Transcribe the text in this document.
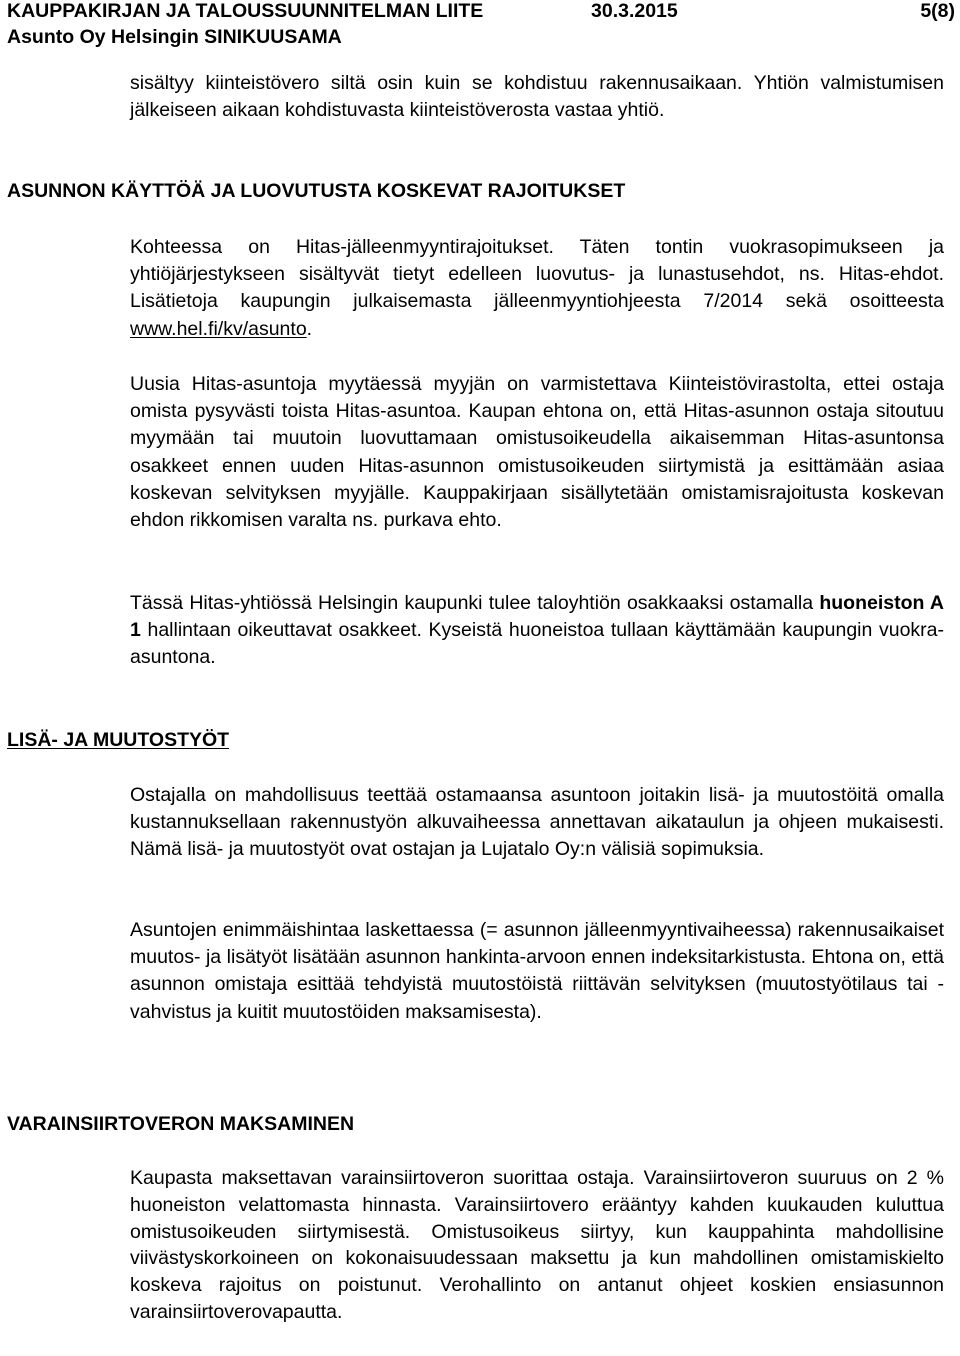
KAUPPAKIRJAN JA TALOUSSUUNNITELMAN LIITE	30.3.2015	5(8)
Asunto Oy Helsingin SINIKUUSAMA
sisältyy kiinteistövero siltä osin kuin se kohdistuu rakennusaikaan. Yhtiön valmistumisen jälkeiseen aikaan kohdistuvasta kiinteistöverosta vastaa yhtiö.
ASUNNON KÄYTTÖÄ JA LUOVUTUSTA KOSKEVAT RAJOITUKSET
Kohteessa on Hitas-jälleenmyyntirajoitukset. Täten tontin vuokrasopimukseen ja yhtiöjärjestykseen sisältyvät tietyt edelleen luovutus- ja lunastusehdot, ns. Hitas-ehdot. Lisätietoja kaupungin julkaisemasta jälleenmyyntiohjeesta 7/2014 sekä osoitteesta www.hel.fi/kv/asunto.
Uusia Hitas-asuntoja myytäessä myyjän on varmistettava Kiinteistövirastolta, ettei ostaja omista pysyvästi toista Hitas-asuntoa. Kaupan ehtona on, että Hitas-asunnon ostaja sitoutuu myymään tai muutoin luovuttamaan omistusoikeudella aikaisemman Hitas-asuntonsa osakkeet ennen uuden Hitas-asunnon omistusoikeuden siirtymistä ja esittämään asiaa koskevan selvityksen myyjälle. Kauppakirjaan sisällytetään omistamisrajoitusta koskevan ehdon rikkomisen varalta ns. purkava ehto.
Tässä Hitas-yhtiössä Helsingin kaupunki tulee taloyhtiön osakkaaksi ostamalla huoneiston A 1 hallintaan oikeuttavat osakkeet. Kyseistä huoneistoa tullaan käyttämään kaupungin vuokra-asuntona.
LISÄ- JA MUUTOSTYÖT
Ostajalla on mahdollisuus teettää ostamaansa asuntoon joitakin lisä- ja muutostöitä omalla kustannuksellaan rakennustyön alkuvaiheessa annettavan aikataulun ja ohjeen mukaisesti. Nämä lisä- ja muutostyöt ovat ostajan ja Lujatalo Oy:n välisiä sopimuksia.
Asuntojen enimmäishintaa laskettaessa (= asunnon jälleenmyyntivaiheessa) rakennusaikaiset muutos- ja lisätyöt lisätään asunnon hankinta-arvoon ennen indeksitarkistusta. Ehtona on, että asunnon omistaja esittää tehdyistä muutostöistä riittävän selvityksen (muutostyötilaus tai -vahvistus ja kuitit muutostöiden maksamisesta).
VARAINSIIRTOVERON MAKSAMINEN
Kaupasta maksettavan varainsiirtoveron suorittaa ostaja. Varainsiirtoveron suuruus on 2 % huoneiston velattomasta hinnasta. Varainsiirtovero erääntyy kahden kuukauden kuluttua omistusoikeuden siirtymisestä. Omistusoikeus siirtyy, kun kauppahinta mahdollisine viivästyskorkoineen on kokonaisuudessaan maksettu ja kun mahdollinen omistamiskielto koskeva rajoitus on poistunut. Verohallinto on antanut ohjeet koskien ensiasunnon varainsiirtoverovapautta.
